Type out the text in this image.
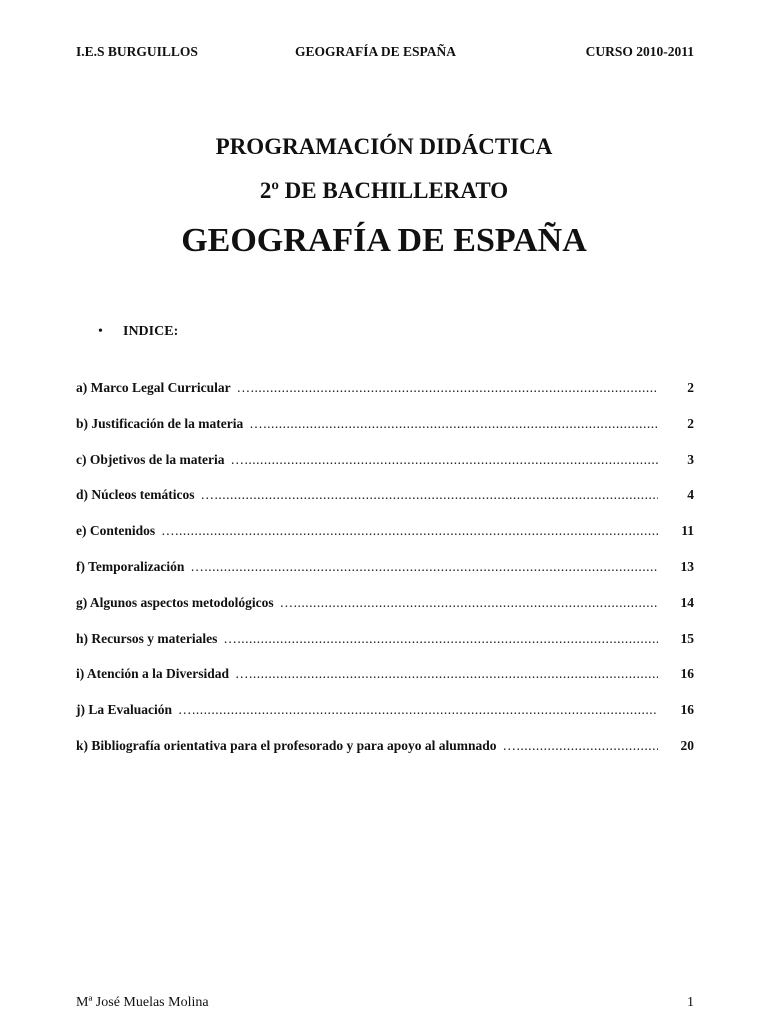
I.E.S BURGUILLOS	GEOGRAFÍA DE ESPAÑA	CURSO 2010-2011
PROGRAMACIÓN DIDÁCTICA
2º DE BACHILLERATO
GEOGRAFÍA DE ESPAÑA
• INDICE:
a) Marco Legal Curricular …..............................................................................................................................................................................................................................................	2
b) Justificación de la materia …..............................................................................................................................................................................................................................................	2
c) Objetivos de la materia …..............................................................................................................................................................................................................................................	3
d) Núcleos temáticos …..............................................................................................................................................................................................................................................	4
e) Contenidos …..............................................................................................................................................................................................................................................	11
f) Temporalización …..............................................................................................................................................................................................................................................	13
g) Algunos aspectos metodológicos …..............................................................................................................................................................................................................................................	14
h) Recursos y materiales …..............................................................................................................................................................................................................................................	15
i) Atención a la Diversidad …..............................................................................................................................................................................................................................................	16
j) La Evaluación …..............................................................................................................................................................................................................................................	16
k) Bibliografía orientativa para el profesorado y para apoyo al alumnado …..............................................................................................................................................................................................................................................	20
Mª José Muelas Molina	1
